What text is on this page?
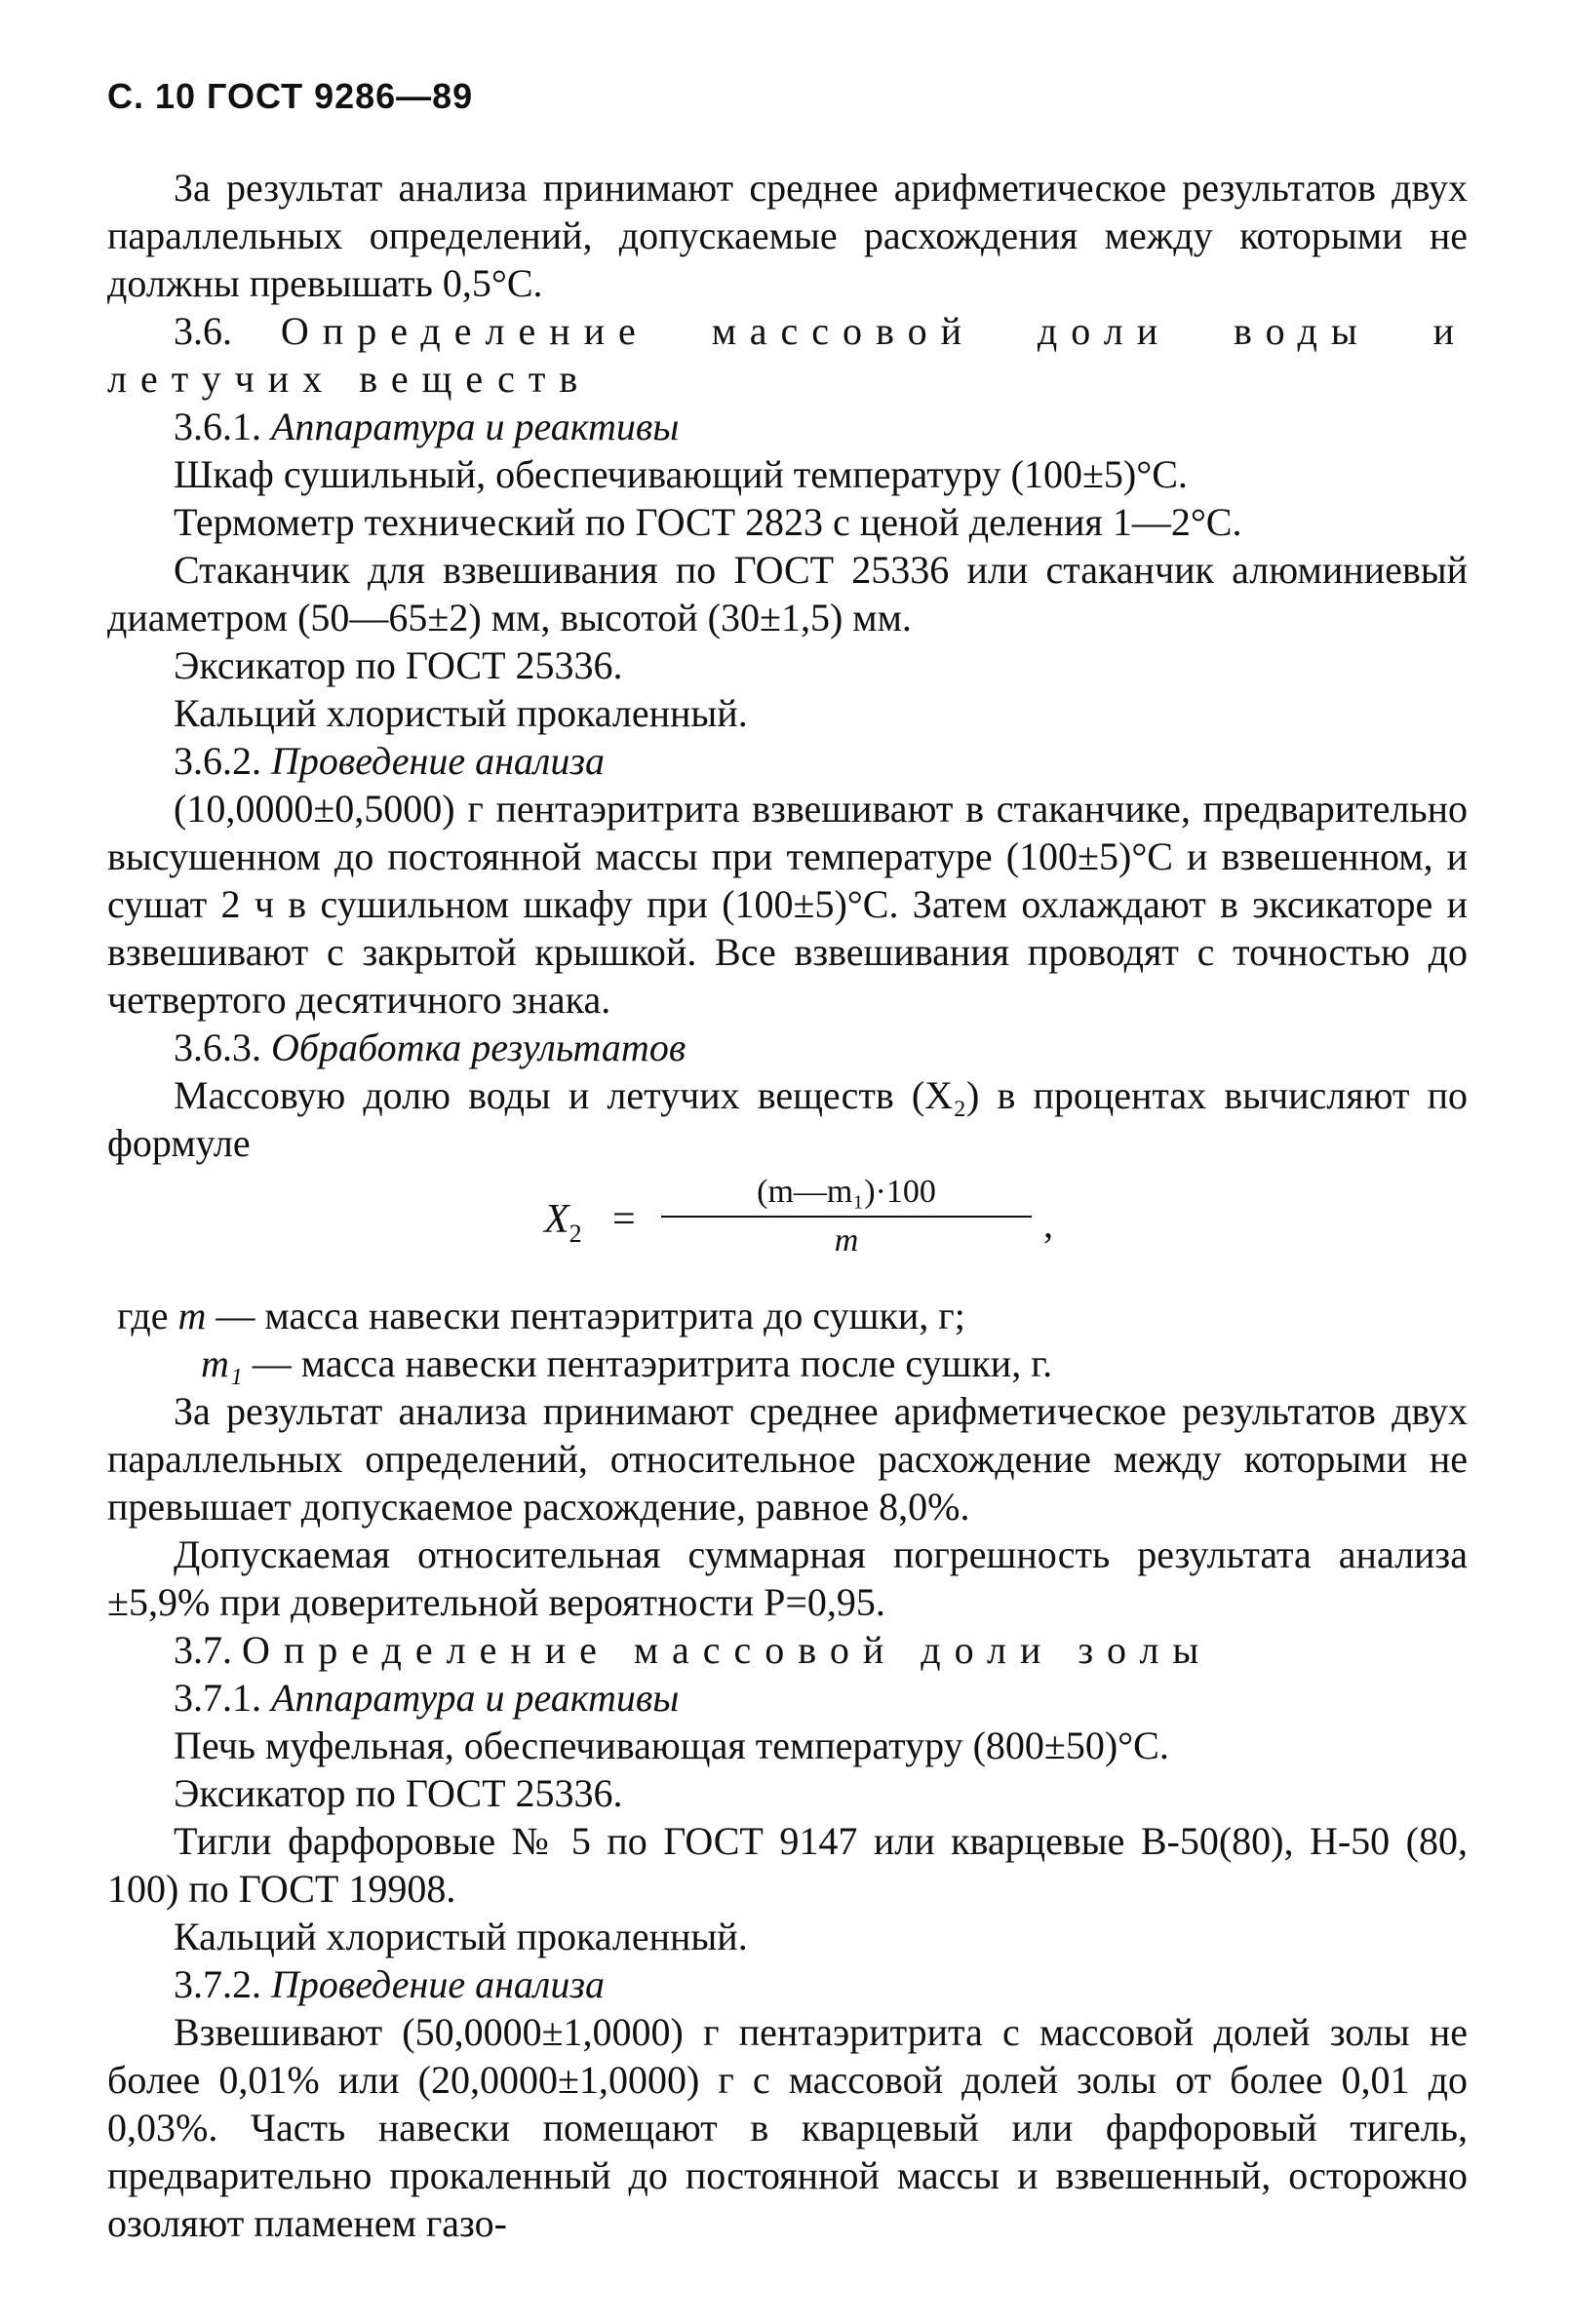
С. 10 ГОСТ 9286—89

За результат анализа принимают среднее арифметическое результатов двух параллельных определений, допускаемые расхождения между которыми не должны превышать 0,5°С.

3.6. Определение массовой доли воды и летучих веществ

3.6.1. Аппаратура и реактивы

Шкаф сушильный, обеспечивающий температуру (100±5)°С.

Термометр технический по ГОСТ 2823 с ценой деления 1—2°С.

Стаканчик для взвешивания по ГОСТ 25336 или стаканчик алюминиевый диаметром (50—65±2) мм, высотой (30±1,5) мм.

Эксикатор по ГОСТ 25336.

Кальций хлористый прокаленный.

3.6.2. Проведение анализа

(10,0000±0,5000) г пентаэритрита взвешивают в стаканчике, предварительно высушенном до постоянной массы при температуре (100±5)°С и взвешенном, и сушат 2 ч в сушильном шкафу при (100±5)°С. Затем охлаждают в эксикаторе и взвешивают с закрытой крышкой. Все взвешивания проводят с точностью до четвертого десятичного знака.

3.6.3. Обработка результатов

Массовую долю воды и летучих веществ (X₂) в процентах вычисляют по формуле

$X_2$ =
(m—m₁)·100
m	,

где m — масса навески пентаэритрита до сушки, г;

m₁ — масса навески пентаэритрита после сушки, г.

За результат анализа принимают среднее арифметическое результатов двух параллельных определений, относительное расхождение между которыми не превышает допускаемое расхождение, равное 8,0%.

Допускаемая относительная суммарная погрешность результата анализа ±5,9% при доверительной вероятности P=0,95.

3.7. Определение массовой доли золы

3.7.1. Аппаратура и реактивы

Печь муфельная, обеспечивающая температуру (800±50)°С.

Эксикатор по ГОСТ 25336.

Тигли фарфоровые № 5 по ГОСТ 9147 или кварцевые В-50(80), Н-50 (80, 100) по ГОСТ 19908.

Кальций хлористый прокаленный.

3.7.2. Проведение анализа

Взвешивают (50,0000±1,0000) г пентаэритрита с массовой долей золы не более 0,01% или (20,0000±1,0000) г с массовой долей золы от более 0,01 до 0,03%. Часть навески помещают в кварцевый или фарфоровый тигель, предварительно прокаленный до постоянной массы и взвешенный, осторожно озоляют пламенем газо-
